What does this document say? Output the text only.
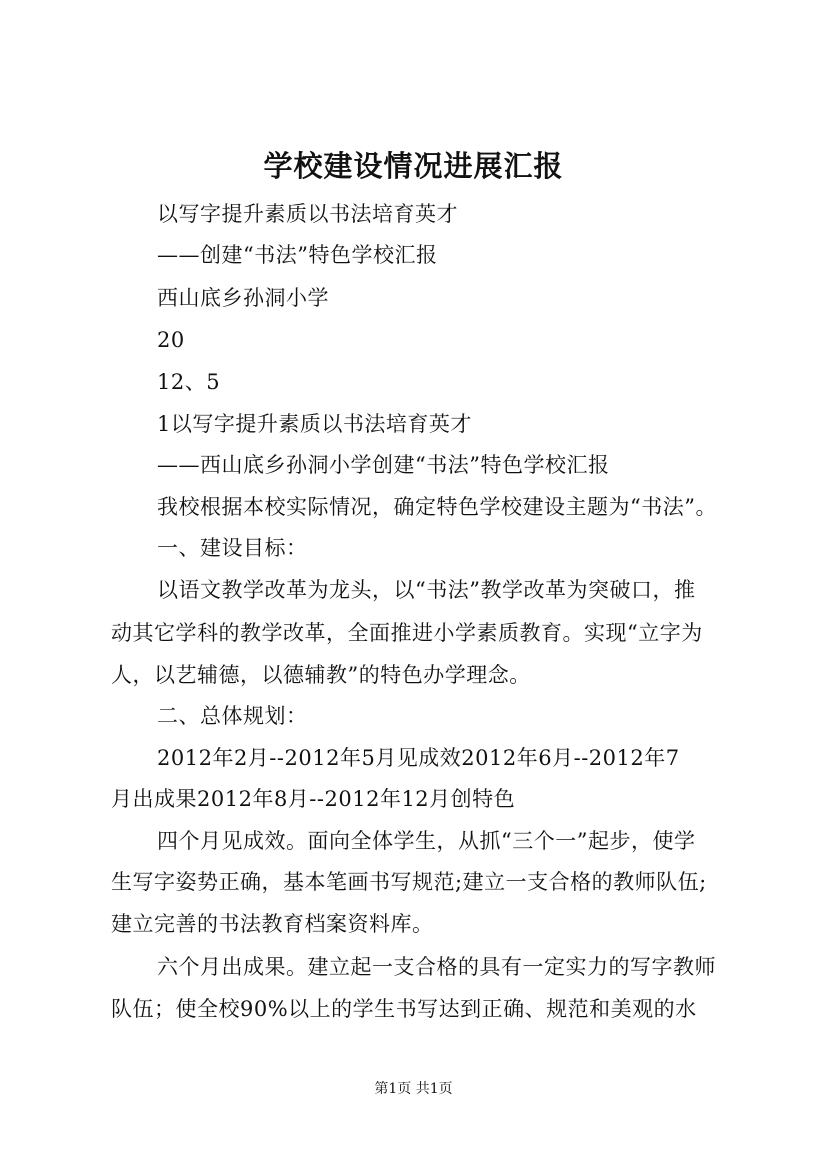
学校建设情况进展汇报
以写字提升素质以书法培育英才
——创建“书法”特色学校汇报
西山底乡孙洞小学
20
12、5
1以写字提升素质以书法培育英才
——西山底乡孙洞小学创建“书法”特色学校汇报
我校根据本校实际情况，确定特色学校建设主题为“书法”。
一、建设目标：
以语文教学改革为龙头，以“书法”教学改革为突破口，推
动其它学科的教学改革，全面推进小学素质教育。实现“立字为
人，以艺辅德，以德辅教”的特色办学理念。
二、总体规划：
2012年2月--2012年5月见成效2012年6月--2012年7
月出成果2012年8月--2012年12月创特色
四个月见成效。面向全体学生，从抓“三个一”起步，使学
生写字姿势正确，基本笔画书写规范;建立一支合格的教师队伍;
建立完善的书法教育档案资料库。
六个月出成果。建立起一支合格的具有一定实力的写字教师
队伍；使全校90%以上的学生书写达到正确、规范和美观的水
第1页 共1页
